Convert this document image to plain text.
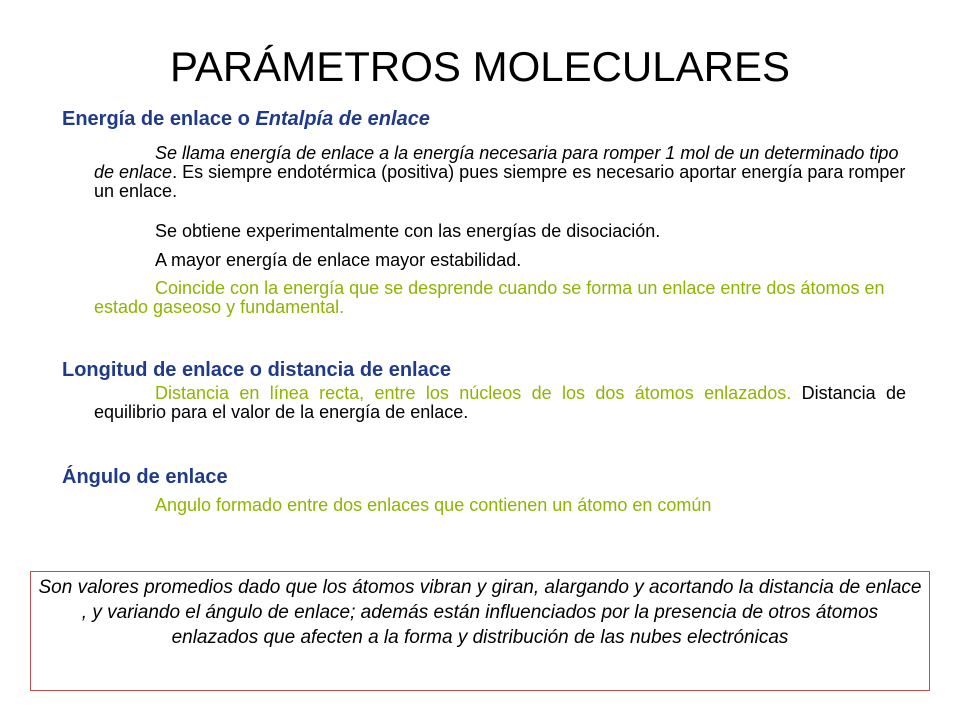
PARÁMETROS MOLECULARES
Energía de enlace o Entalpía de enlace
Se llama energía de enlace a la energía necesaria para romper 1 mol de un determinado tipo de enlace. Es siempre endotérmica (positiva) pues siempre es necesario aportar energía para romper un enlace.
Se obtiene experimentalmente con las energías de disociación.
A mayor energía de enlace mayor estabilidad.
Coincide con la energía que se desprende cuando se forma un enlace entre dos átomos en estado gaseoso y fundamental.
Longitud de enlace o distancia de enlace
Distancia en línea recta, entre los núcleos de los dos átomos enlazados. Distancia de equilibrio para el valor de la energía de enlace.
Ángulo de enlace
Angulo formado entre dos enlaces que contienen un átomo en común
Son valores promedios dado que los átomos vibran y giran, alargando y acortando la distancia de enlace , y variando el ángulo de enlace; además están influenciados por la presencia de otros átomos enlazados que afecten a la forma y distribución de las nubes electrónicas
